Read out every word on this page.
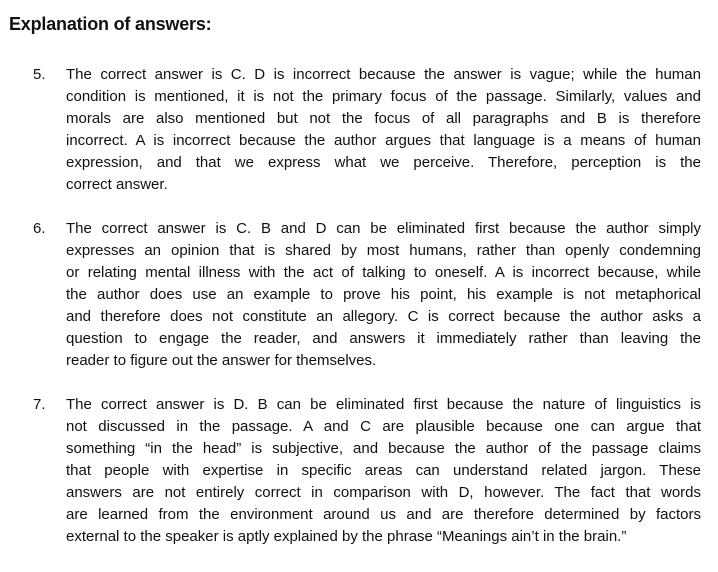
Explanation of answers:
5. The correct answer is C. D is incorrect because the answer is vague; while the human
condition is mentioned, it is not the primary focus of the passage. Similarly, values and
morals are also mentioned but not the focus of all paragraphs and B is therefore
incorrect. A is incorrect because the author argues that language is a means of human
expression, and that we express what we perceive. Therefore, perception is the
correct answer.
6. The correct answer is C. B and D can be eliminated first because the author simply
expresses an opinion that is shared by most humans, rather than openly condemning
or relating mental illness with the act of talking to oneself. A is incorrect because, while
the author does use an example to prove his point, his example is not metaphorical
and therefore does not constitute an allegory. C is correct because the author asks a
question to engage the reader, and answers it immediately rather than leaving the
reader to figure out the answer for themselves.
7. The correct answer is D. B can be eliminated first because the nature of linguistics is
not discussed in the passage. A and C are plausible because one can argue that
something “in the head” is subjective, and because the author of the passage claims
that people with expertise in specific areas can understand related jargon. These
answers are not entirely correct in comparison with D, however. The fact that words
are learned from the environment around us and are therefore determined by factors
external to the speaker is aptly explained by the phrase “Meanings ain’t in the brain.”
